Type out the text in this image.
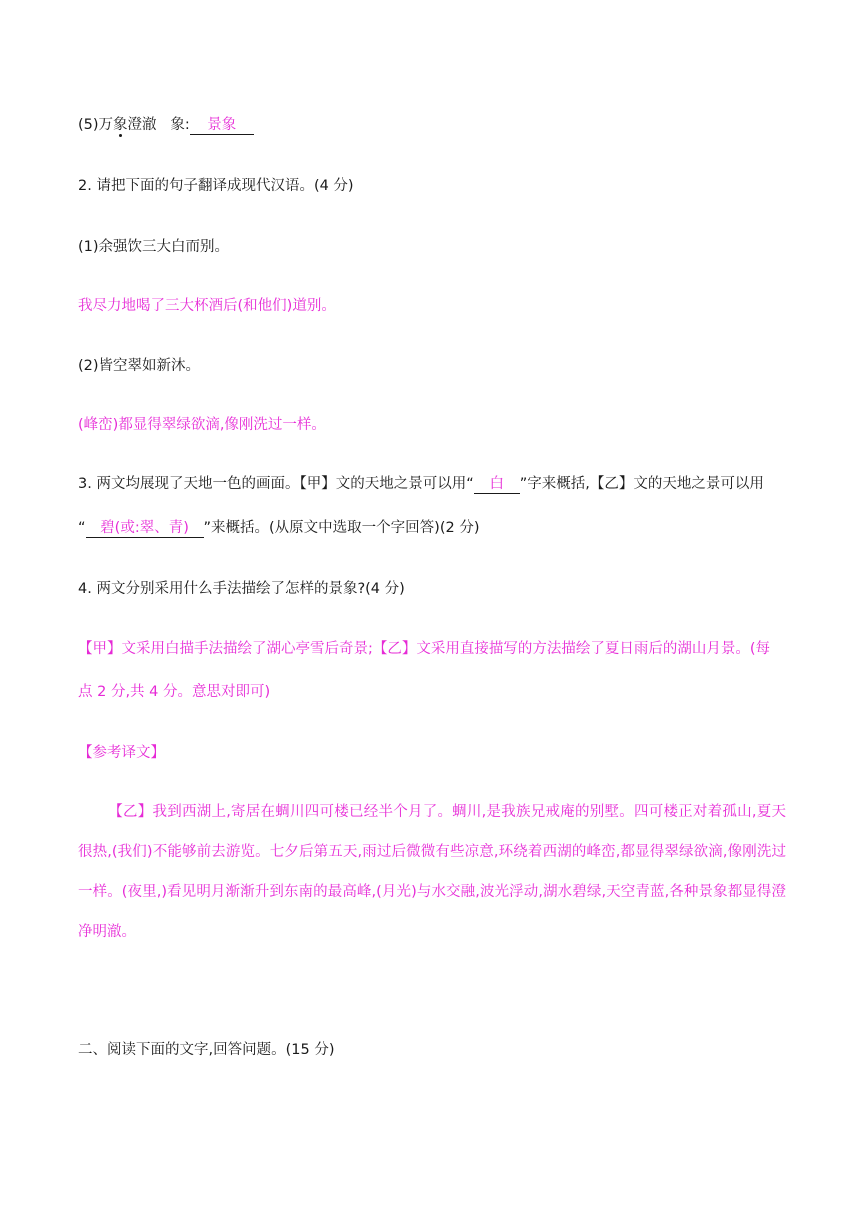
(5)万象澄澈   象: 景象
2. 请把下面的句子翻译成现代汉语。(4 分)
(1)余强饮三大白而别。
我尽力地喝了三大杯酒后(和他们)道别。
(2)皆空翠如新沐。
(峰峦)都显得翠绿欲滴,像刚洗过一样。
3. 两文均展现了天地一色的画面。【甲】文的天地之景可以用“ 白 ”字来概括,【乙】文的天地之景可以用
“ 碧(或:翠、青) ”来概括。(从原文中选取一个字回答)(2 分)
4. 两文分别采用什么手法描绘了怎样的景象?(4 分)
【甲】文采用白描手法描绘了湖心亭雪后奇景;【乙】文采用直接描写的方法描绘了夏日雨后的湖山月景。(每
点 2 分,共 4 分。意思对即可)
【参考译文】
【乙】我到西湖上,寄居在蜩川四可楼已经半个月了。蜩川,是我族兄戒庵的别墅。四可楼正对着孤山,夏天很热,(我们)不能够前去游览。七夕后第五天,雨过后微微有些凉意,环绕着西湖的峰峦,都显得翠绿欲滴,像刚洗过一样。(夜里,)看见明月渐渐升到东南的最高峰,(月光)与水交融,波光浮动,湖水碧绿,天空青蓝,各种景象都显得澄净明澈。
二、阅读下面的文字,回答问题。(15 分)
